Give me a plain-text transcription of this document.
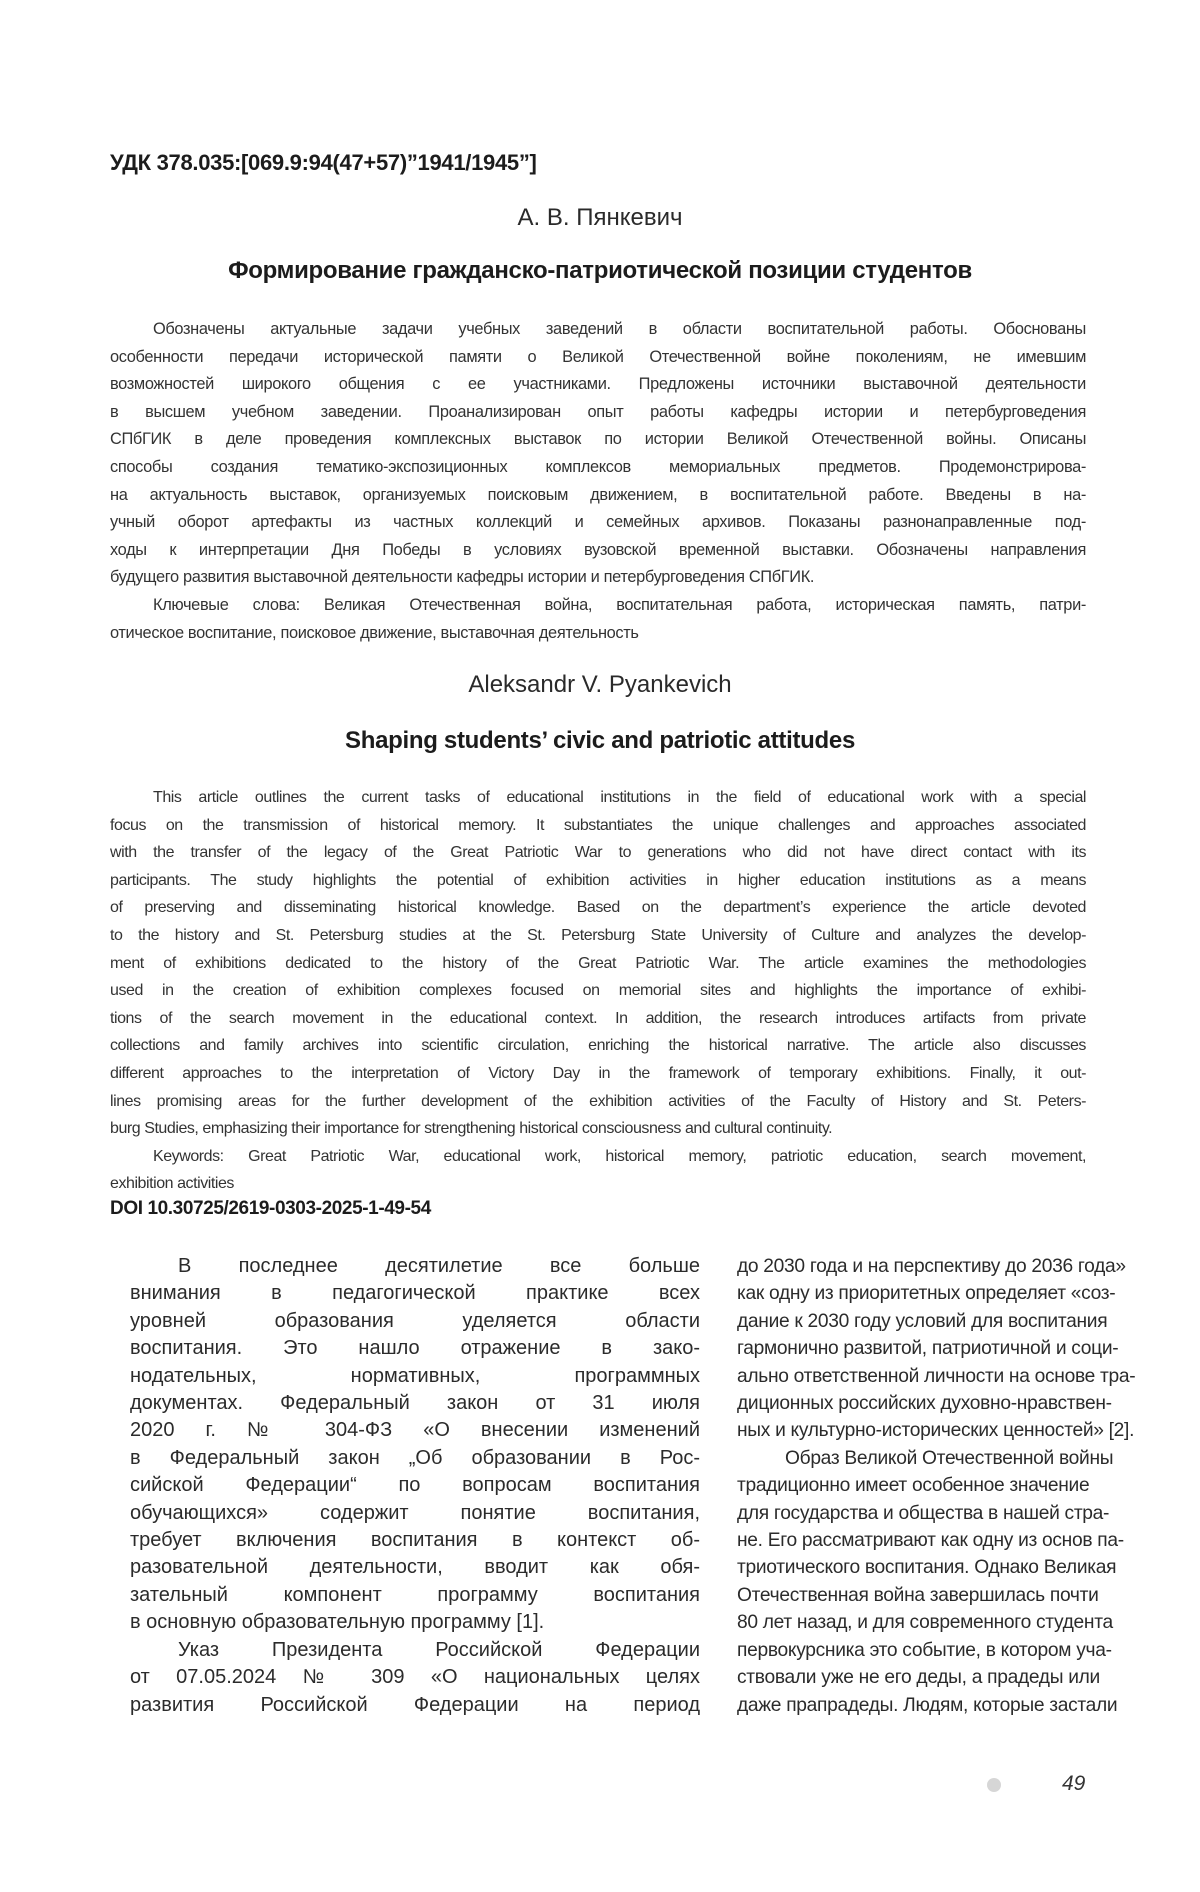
УДК 378.035:[069.9:94(47+57)”1941/1945”]
А. В. Пянкевич
Формирование гражданско-патриотической позиции студентов
Обозначены актуальные задачи учебных заведений в области воспитательной работы. Обоснованы
особенности передачи исторической памяти о Великой Отечественной войне поколениям, не имевшим
возможностей широкого общения с ее участниками. Предложены источники выставочной деятельности
в высшем учебном заведении. Проанализирован опыт работы кафедры истории и петербурговедения
СПбГИК в деле проведения комплексных выставок по истории Великой Отечественной войны. Описаны
способы создания тематико-экспозиционных комплексов мемориальных предметов. Продемонстрирова-
на актуальность выставок, организуемых поисковым движением, в воспитательной работе. Введены в на-
учный оборот артефакты из частных коллекций и семейных архивов. Показаны разнонаправленные под-
ходы к интерпретации Дня Победы в условиях вузовской временной выставки. Обозначены направления
будущего развития выставочной деятельности кафедры истории и петербурговедения СПбГИК.
Ключевые слова: Великая Отечественная война, воспитательная работа, историческая память, патри-
отическое воспитание, поисковое движение, выставочная деятельность
Aleksandr V. Pyankevich
Shaping students’ civic and patriotic attitudes
This article outlines the current tasks of educational institutions in the field of educational work with a special
focus on the transmission of historical memory. It substantiates the unique challenges and approaches associated
with the transfer of the legacy of the Great Patriotic War to generations who did not have direct contact with its
participants. The study highlights the potential of exhibition activities in higher education institutions as a means
of preserving and disseminating historical knowledge. Based on the department’s experience the article devoted
to the history and St. Petersburg studies at the St. Petersburg State University of Culture and analyzes the develop-
ment of exhibitions dedicated to the history of the Great Patriotic War. The article examines the methodologies
used in the creation of exhibition complexes focused on memorial sites and highlights the importance of exhibi-
tions of the search movement in the educational context. In addition, the research introduces artifacts from private
collections and family archives into scientific circulation, enriching the historical narrative. The article also discusses
different approaches to the interpretation of Victory Day in the framework of temporary exhibitions. Finally, it out-
lines promising areas for the further development of the exhibition activities of the Faculty of History and St. Peters-
burg Studies, emphasizing their importance for strengthening historical consciousness and cultural continuity.
Keywords: Great Patriotic War, educational work, historical memory, patriotic education, search movement,
exhibition activities
DOI 10.30725/2619-0303-2025-1-49-54
В последнее десятилетие все больше
внимания в педагогической практике всех
уровней образования уделяется области
воспитания. Это нашло отражение в зако-
нодательных, нормативных, программных
документах. Федеральный закон от 31 июля
2020 г. № 304-ФЗ «О внесении изменений
в Федеральный закон „Об образовании в Рос-
сийской Федерации“ по вопросам воспитания
обучающихся» содержит понятие воспитания,
требует включения воспитания в контекст об-
разовательной деятельности, вводит как обя-
зательный компонент программу воспитания
в основную образовательную программу [1].
Указ Президента Российской Федерации
от 07.05.2024 № 309 «О национальных целях
развития Российской Федерации на период
до 2030 года и на перспективу до 2036 года»
как одну из приоритетных определяет «соз-
дание к 2030 году условий для воспитания
гармонично развитой, патриотичной и соци-
ально ответственной личности на основе тра-
диционных российских духовно-нравствен-
ных и культурно-исторических ценностей» [2].
Образ Великой Отечественной войны
традиционно имеет особенное значение
для государства и общества в нашей стра-
не. Его рассматривают как одну из основ па-
триотического воспитания. Однако Великая
Отечественная война завершилась почти
80 лет назад, и для современного студента
первокурсника это событие, в котором уча-
ствовали уже не его деды, а прадеды или
даже прапрадеды. Людям, которые застали
49
